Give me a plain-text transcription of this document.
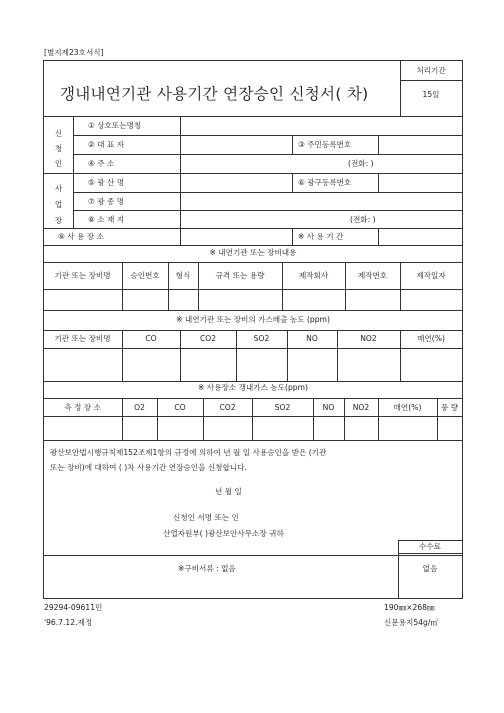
[별지제23호서식]
갱내내연기관 사용기간 연장승인 신청서( 차)
처리기간
15일
신
청
인
① 상호또는명칭
② 대 표 자	③ 주민등록번호
④ 주 소	(전화: )
사
업
장
⑤ 광 산 명	⑥ 광구등록번호
⑦ 광 종 명
⑧ 소 재 지	(전화: )
⑨ 사 용 장 소	※ 사 용 기 간
※ 내연기관 또는 장비내용
기관 또는 장비명	승인번호	형식	규격 또는 용량	제작회사	제작번호	제작일자
※ 내연기관 또는 장비의 가스배출 농도 (ppm)
기관 또는 장비명	CO	CO2	SO2	NO	NO2	매연(%)
※ 사용장소 갱내가스 농도(ppm)
측 정 장 소	O2	CO	CO2	SO2	NO	NO2	매연(%)	풍 량
광산보안법시행규칙제152조제1항의 규정에 의하여 년 월 일 사용승인을 받은 (기관
또는 장비)에 대하여 ( )차 사용기간 연장승인을 신청합니다.
년 월 일
신청인 서명 또는 인
산업자원부( )광산보안사무소장 귀하
수수료
없음
※구비서류 : 없음
29294-09611민
'96.7.12.제정
190㎜×268㎜
신문용지54g/㎡
